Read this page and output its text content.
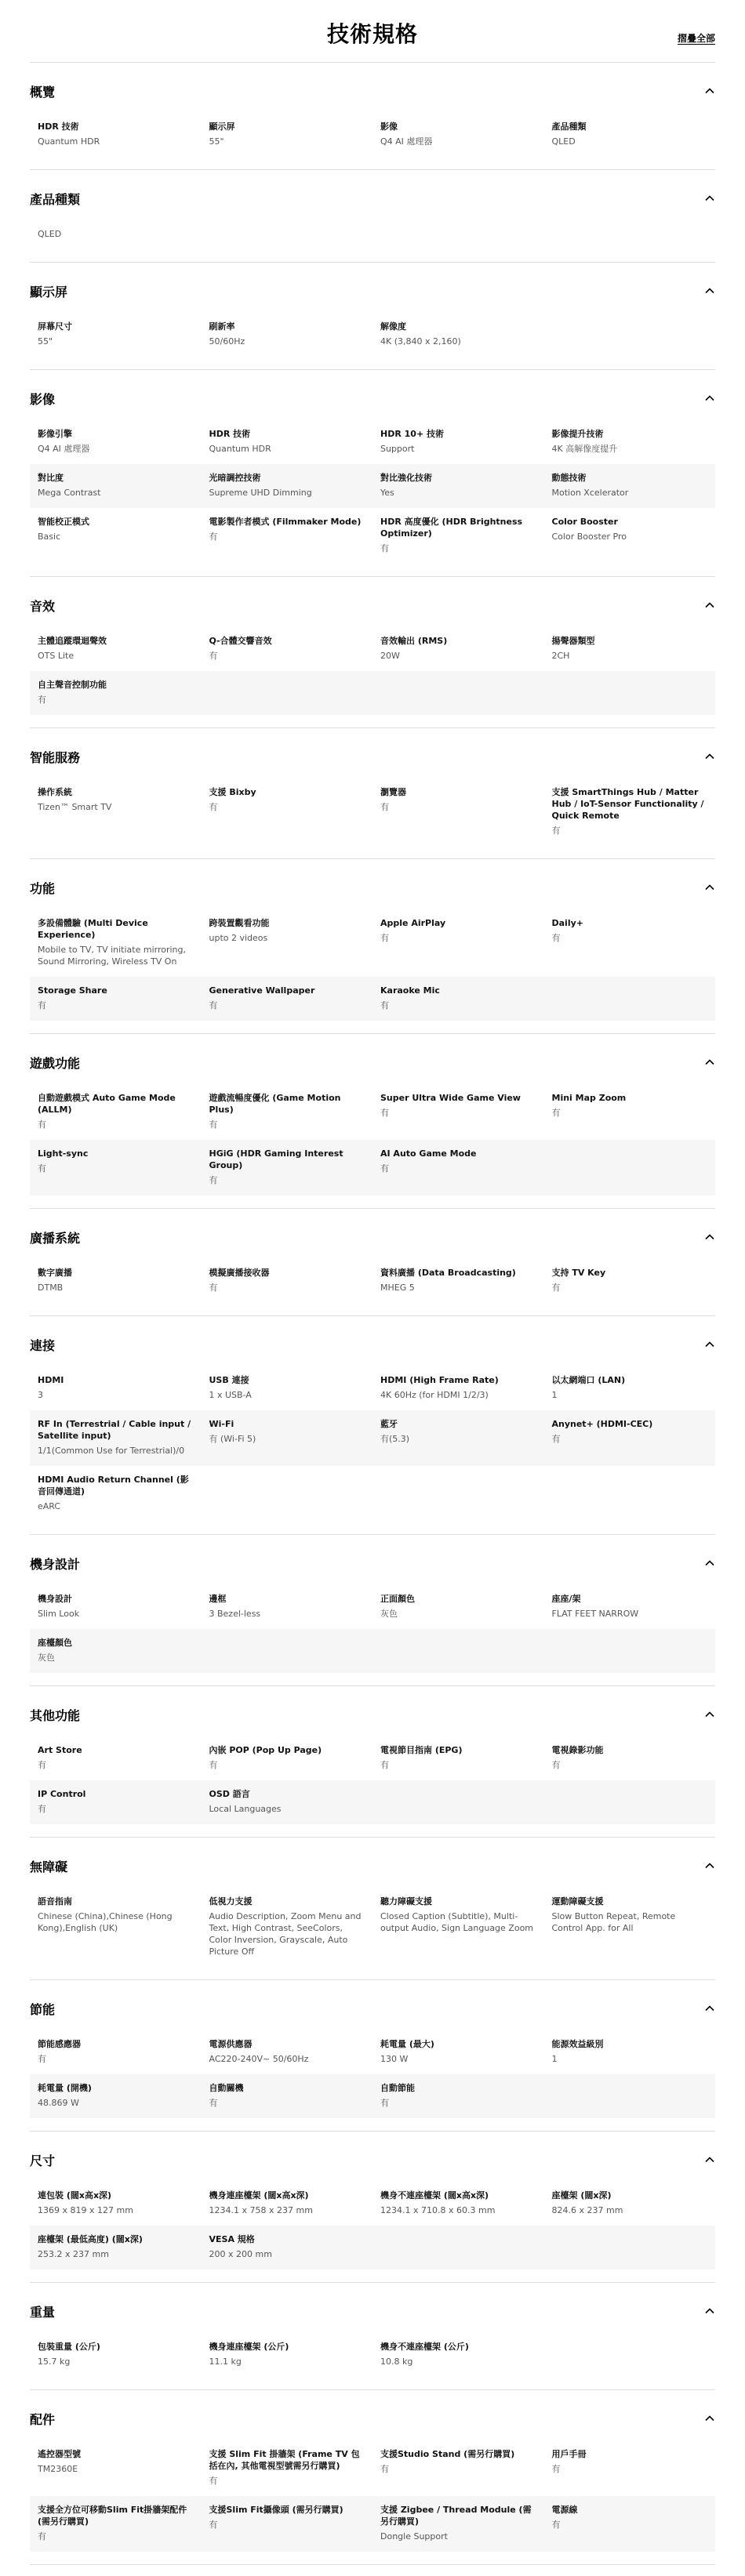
技術規格	摺疊全部
概覽
HDR 技術
Quantum HDR
顯示屏
55"
影像
Q4 AI 處理器
產品種類
QLED
產品種類
QLED
顯示屏
屏幕尺寸
55"
刷新率
50/60Hz
解像度
4K (3,840 x 2,160)
影像
影像引擎
Q4 AI 處理器
HDR 技術
Quantum HDR
HDR 10+ 技術
Support
影像提升技術
4K 高解像度提升
對比度
Mega Contrast
光暗調控技術
Supreme UHD Dimming
對比強化技術
Yes
動態技術
Motion Xcelerator
智能校正模式
Basic
電影製作者模式 (Filmmaker Mode)
有
HDR 高度優化 (HDR Brightness Optimizer)
有
Color Booster
Color Booster Pro
音效
主體追蹤環迴聲效
OTS Lite
Q-合體交響音效
有
音效輸出 (RMS)
20W
揚聲器類型
2CH
自主聲音控制功能
有
智能服務
操作系統
Tizen™ Smart TV
支援 Bixby
有
瀏覽器
有
支援 SmartThings Hub / Matter Hub / IoT-Sensor Functionality / Quick Remote
有
功能
多設備體驗 (Multi Device Experience)
Mobile to TV, TV initiate mirroring, Sound Mirroring, Wireless TV On
跨裝置觀看功能
upto 2 videos
Apple AirPlay
有
Daily+
有
Storage Share
有
Generative Wallpaper
有
Karaoke Mic
有
遊戲功能
自動遊戲模式 Auto Game Mode (ALLM)
有
遊戲流暢度優化 (Game Motion Plus)
有
Super Ultra Wide Game View
有
Mini Map Zoom
有
Light-sync
有
HGiG (HDR Gaming Interest Group)
有
AI Auto Game Mode
有
廣播系統
數字廣播
DTMB
模擬廣播接收器
有
資料廣播 (Data Broadcasting)
MHEG 5
支持 TV Key
有
連接
HDMI
3
USB 連接
1 x USB-A
HDMI (High Frame Rate)
4K 60Hz (for HDMI 1/2/3)
以太網端口 (LAN)
1
RF In (Terrestrial / Cable input / Satellite input)
1/1(Common Use for Terrestrial)/0
Wi-Fi
有 (Wi-Fi 5)
藍牙
有(5.3)
Anynet+ (HDMI-CEC)
有
HDMI Audio Return Channel (影音回傳通道)
eARC
機身設計
機身設計
Slim Look
邊框
3 Bezel-less
正面顏色
灰色
座座/架
FLAT FEET NARROW
座檯顏色
灰色
其他功能
Art Store
有
內嵌 POP (Pop Up Page)
有
電視節目指南 (EPG)
有
電視錄影功能
有
IP Control
有
OSD 語言
Local Languages
無障礙
語音指南
Chinese (China),Chinese (Hong Kong),English (UK)
低視力支援
Audio Description, Zoom Menu and Text, High Contrast, SeeColors, Color Inversion, Grayscale, Auto Picture Off
聽力障礙支援
Closed Caption (Subtitle), Multi-output Audio, Sign Language Zoom
運動障礙支援
Slow Button Repeat, Remote Control App. for All
節能
節能感應器
有
電源供應器
AC220-240V~ 50/60Hz
耗電量 (最大)
130 W
能源效益級別
1
耗電量 (開機)
48.869 W
自動關機
有
自動節能
有
尺寸
連包裝 (闊x高x深)
1369 x 819 x 127 mm
機身連座檯架 (闊x高x深)
1234.1 x 758 x 237 mm
機身不連座檯架 (闊x高x深)
1234.1 x 710.8 x 60.3 mm
座檯架 (闊x深)
824.6 x 237 mm
座檯架 (最低高度) (闊x深)
253.2 x 237 mm
VESA 規格
200 x 200 mm
重量
包裝重量 (公斤)
15.7 kg
機身連座檯架 (公斤)
11.1 kg
機身不連座檯架 (公斤)
10.8 kg
配件
遙控器型號
TM2360E
支援 Slim Fit 掛牆架 (Frame TV 包括在內, 其他電視型號需另行購買)
有
支援Studio Stand (需另行購買)
有
用戶手冊
有
支援全方位可移動Slim Fit掛牆架配件 (需另行購買)
有
支援Slim Fit攝像頭 (需另行購買)
有
支援 Zigbee / Thread Module (需另行購買)
Dongle Support
電源線
有
